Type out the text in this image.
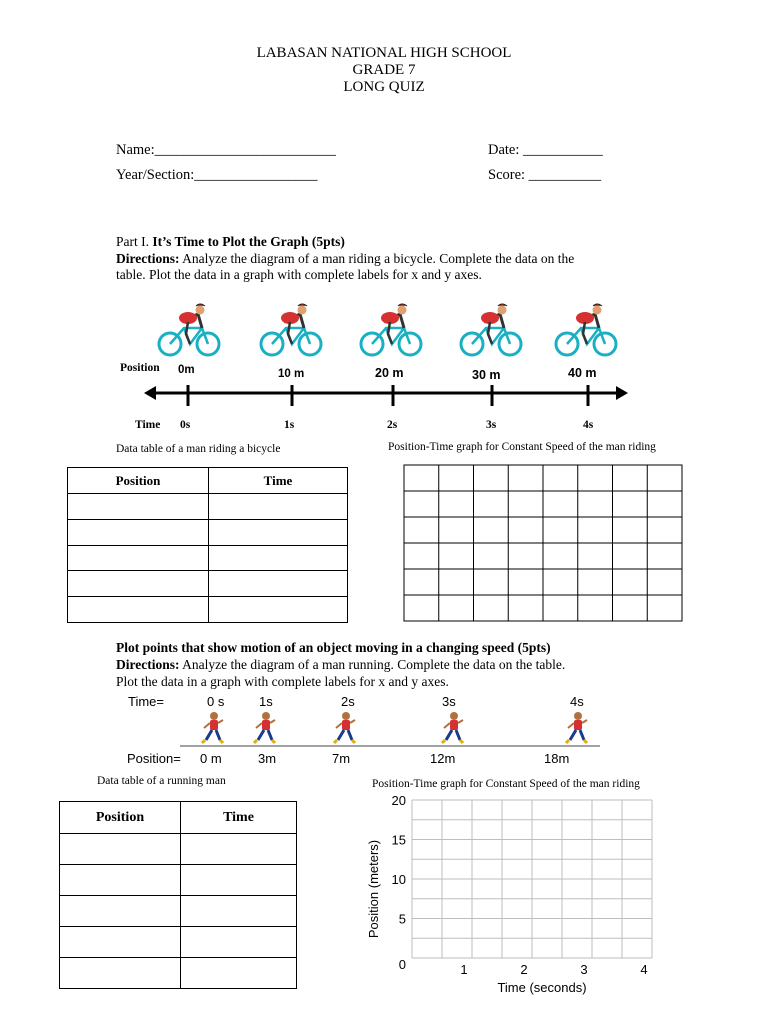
LABASAN NATIONAL HIGH SCHOOL
GRADE 7
LONG QUIZ
Name:_________________________	Date: ___________
Year/Section:_________________	Score: __________
Part I. It’s Time to Plot the Graph (5pts)
Directions: Analyze the diagram of a man riding a bicycle. Complete the data on the
table. Plot the data in a graph with complete labels for x and y axes.
Position 0m	10 m	20 m	30 m	40 m
Time 0s	1s	2s	3s	4s
Data table of a man riding a bicycle	Position-Time graph for Constant Speed of the man riding
Position	Time

Plot points that show motion of an object moving in a changing speed (5pts)
Directions: Analyze the diagram of a man running. Complete the data on the table.
Plot the data in a graph with complete labels for x and y axes.
Time=	0 s	1s	2s	3s	4s
Position= 0 m	3m	7m	12m	18m
Data table of a running man	Position-Time graph for Constant Speed of the man riding
Position	Time

20
15
10
5
0	1	2	3	4
Position (meters)
Time (seconds)
